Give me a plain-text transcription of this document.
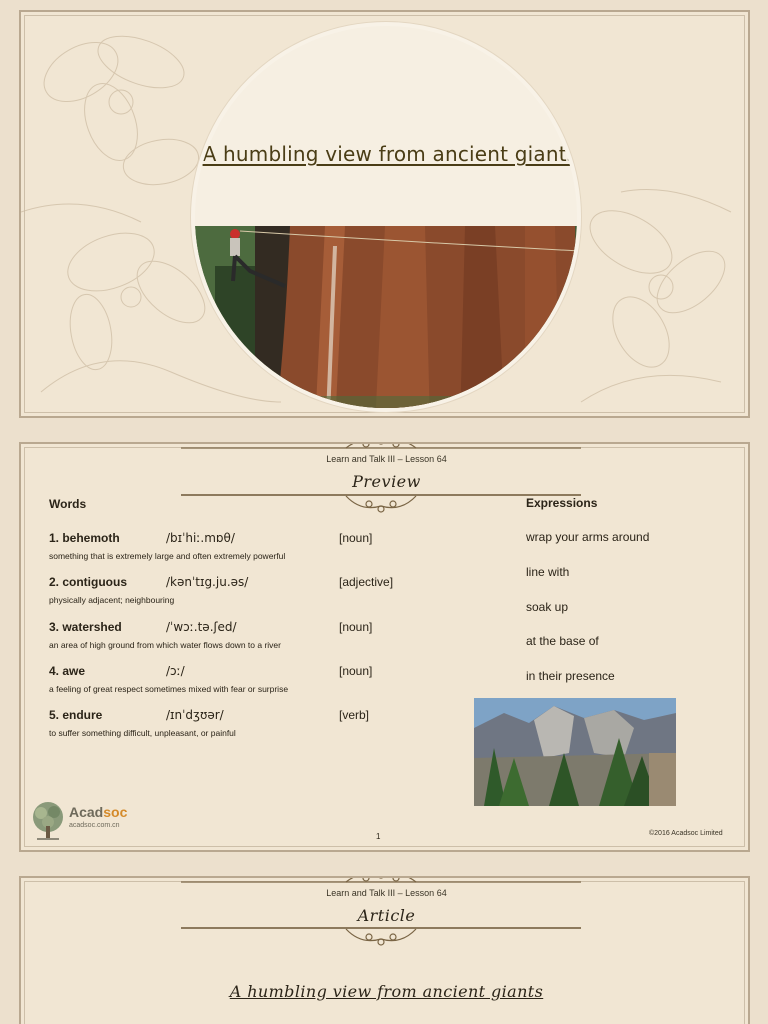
A humbling view from ancient giants
Learn and Talk III – Lesson 64
Preview
Words	Expressions
1. behemoth	/bɪˈhiː.mɒθ/	[noun]
something that is extremely large and often extremely powerful
2. contiguous	/kənˈtɪg.ju.əs/	[adjective]
physically adjacent; neighbouring
3. watershed	/ˈwɔː.tə.ʃed/	[noun]
an area of high ground from which water flows down to a river
4. awe	/ɔː/	[noun]
a feeling of great respect sometimes mixed with fear or surprise
5. endure	/ɪnˈdʒʊər/	[verb]
to suffer something difficult, unpleasant, or painful
wrap your arms around
line with
soak up
at the base of
in their presence
Acadsoc
acadsoc.com.cn
1	©2016 Acadsoc Limited
Learn and Talk III – Lesson 64
Article
A humbling view from ancient giants
